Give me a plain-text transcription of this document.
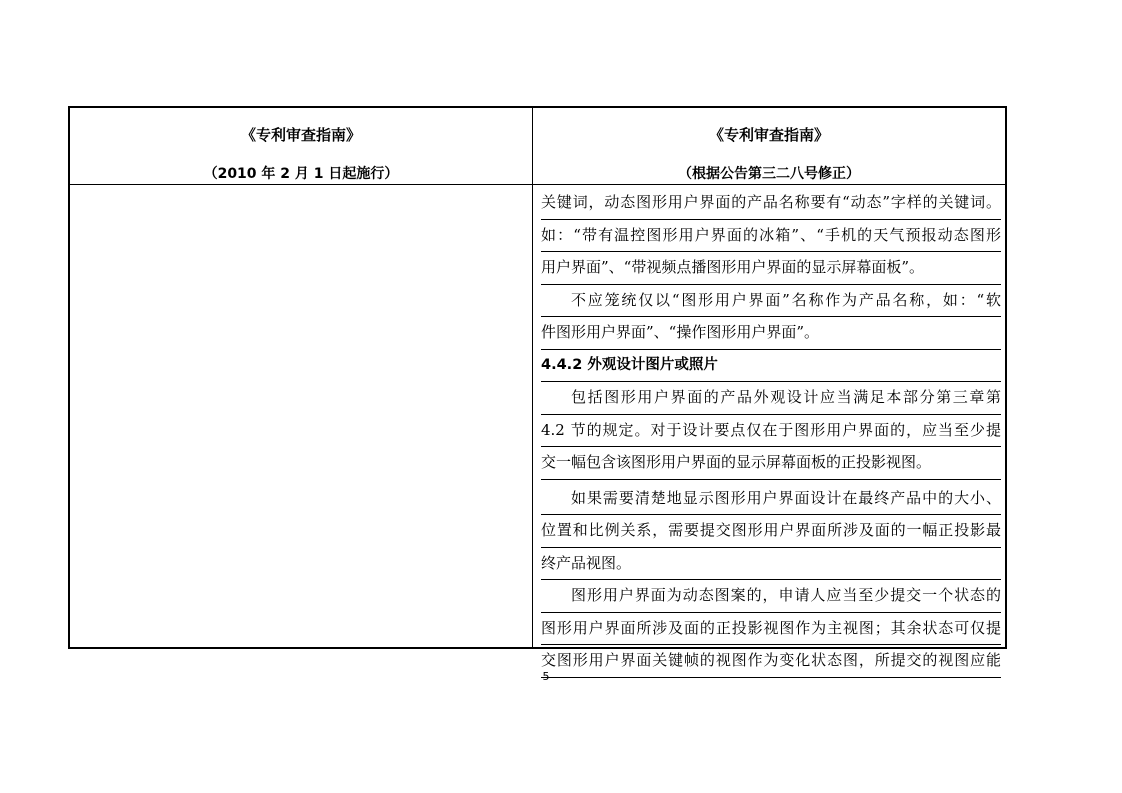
《专利审查指南》
（2010 年 2 月 1 日起施行）
《专利审查指南》
（根据公告第三二八号修正）
关键词，动态图形用户界面的产品名称要有“动态”字样的关键词。
如：“带有温控图形用户界面的冰箱”、“手机的天气预报动态图形
用户界面”、“带视频点播图形用户界面的显示屏幕面板”。
不应笼统仅以“图形用户界面”名称作为产品名称，如：“软
件图形用户界面”、“操作图形用户界面”。
4.4.2 外观设计图片或照片
包括图形用户界面的产品外观设计应当满足本部分第三章第
4.2 节的规定。对于设计要点仅在于图形用户界面的，应当至少提
交一幅包含该图形用户界面的显示屏幕面板的正投影视图。
如果需要清楚地显示图形用户界面设计在最终产品中的大小、
位置和比例关系，需要提交图形用户界面所涉及面的一幅正投影最
终产品视图。
图形用户界面为动态图案的，申请人应当至少提交一个状态的
图形用户界面所涉及面的正投影视图作为主视图；其余状态可仅提
交图形用户界面关键帧的视图作为变化状态图，所提交的视图应能
5
